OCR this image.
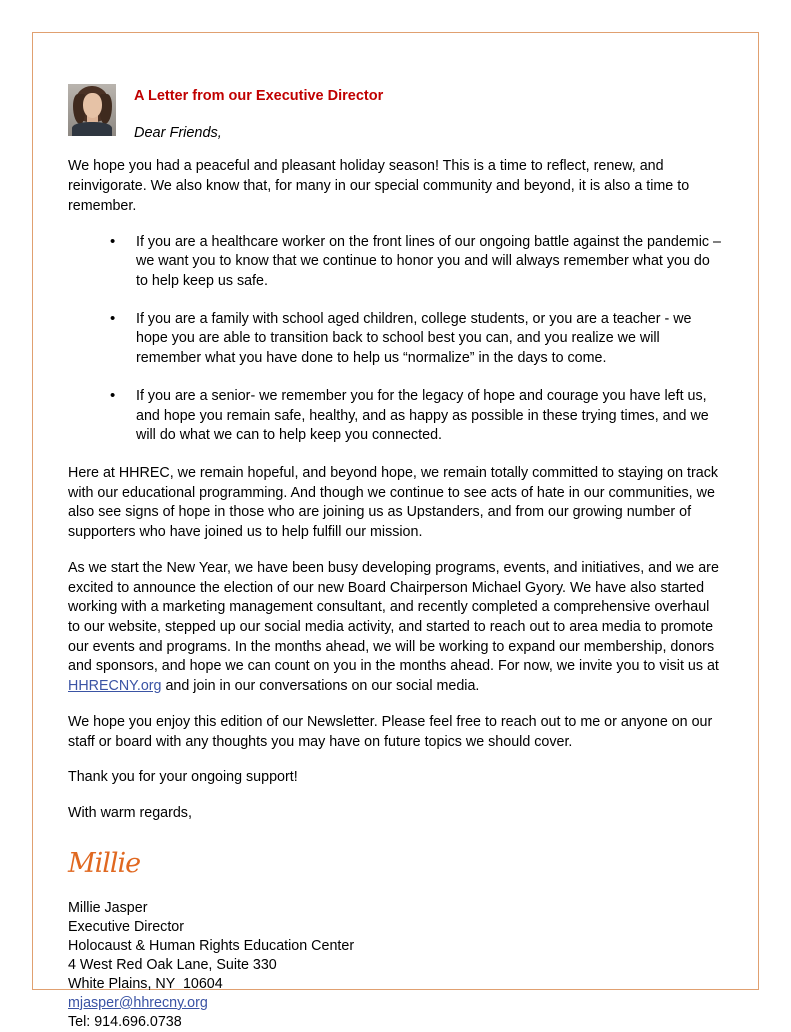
A Letter from our Executive Director

Dear Friends,

We hope you had a peaceful and pleasant holiday season! This is a time to reflect, renew, and reinvigorate. We also know that, for many in our special community and beyond, it is also a time to remember.

• If you are a healthcare worker on the front lines of our ongoing battle against the pandemic – we want you to know that we continue to honor you and will always remember what you do to help keep us safe.
• If you are a family with school aged children, college students, or you are a teacher - we hope you are able to transition back to school best you can, and you realize we will remember what you have done to help us “normalize” in the days to come.
• If you are a senior- we remember you for the legacy of hope and courage you have left us, and hope you remain safe, healthy, and as happy as possible in these trying times, and we will do what we can to help keep you connected.

Here at HHREC, we remain hopeful, and beyond hope, we remain totally committed to staying on track with our educational programming. And though we continue to see acts of hate in our communities, we also see signs of hope in those who are joining us as Upstanders, and from our growing number of supporters who have joined us to help fulfill our mission.

As we start the New Year, we have been busy developing programs, events, and initiatives, and we are excited to announce the election of our new Board Chairperson Michael Gyory. We have also started working with a marketing management consultant, and recently completed a comprehensive overhaul to our website, stepped up our social media activity, and started to reach out to area media to promote our events and programs. In the months ahead, we will be working to expand our membership, donors and sponsors, and hope we can count on you in the months ahead. For now, we invite you to visit us at HHRECNY.org and join in our conversations on our social media.

We hope you enjoy this edition of our Newsletter. Please feel free to reach out to me or anyone on our staff or board with any thoughts you may have on future topics we should cover.

Thank you for your ongoing support!

With warm regards,

Millie
Millie Jasper
Executive Director
Holocaust & Human Rights Education Center
4 West Red Oak Lane, Suite 330
White Plains, NY  10604
mjasper@hhrecny.org
Tel: 914.696.0738
